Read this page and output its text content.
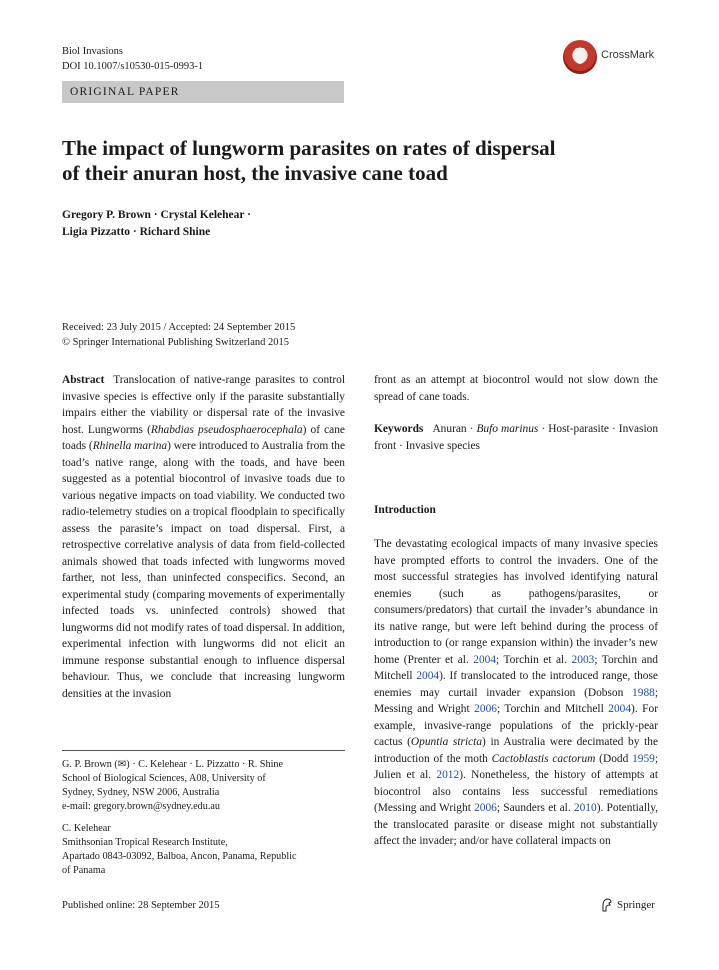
Biol Invasions
DOI 10.1007/s10530-015-0993-1
CrossMark
ORIGINAL PAPER
The impact of lungworm parasites on rates of dispersal
of their anuran host, the invasive cane toad
Gregory P. Brown · Crystal Kelehear ·
Ligia Pizzatto · Richard Shine
Received: 23 July 2015 / Accepted: 24 September 2015
© Springer International Publishing Switzerland 2015
Abstract Translocation of native-range parasites to control invasive species is effective only if the parasite substantially impairs either the viability or dispersal rate of the invasive host. Lungworms (Rhabdias pseudosphaerocephala) of cane toads (Rhinella marina) were introduced to Australia from the toad’s native range, along with the toads, and have been suggested as a potential biocontrol of invasive toads due to various negative impacts on toad viability. We conducted two radio-telemetry studies on a tropical floodplain to specifically assess the parasite’s impact on toad dispersal. First, a retrospective correlative analysis of data from field-collected animals showed that toads infected with lungworms moved farther, not less, than uninfected conspecifics. Second, an experimental study (comparing movements of experimentally infected toads vs. uninfected controls) showed that lungworms did not modify rates of toad dispersal. In addition, experimental infection with lungworms did not elicit an immune response substantial enough to influence dispersal behaviour. Thus, we conclude that increasing lungworm densities at the invasion
G. P. Brown (✉) · C. Kelehear · L. Pizzatto · R. Shine
School of Biological Sciences, A08, University of
Sydney, Sydney, NSW 2006, Australia
e-mail: gregory.brown@sydney.edu.au
C. Kelehear
Smithsonian Tropical Research Institute,
Apartado 0843-03092, Balboa, Ancon, Panama, Republic
of Panama
front as an attempt at biocontrol would not slow down the spread of cane toads.
Keywords Anuran · Bufo marinus · Host-parasite · Invasion front · Invasive species
Introduction
The devastating ecological impacts of many invasive species have prompted efforts to control the invaders. One of the most successful strategies has involved identifying natural enemies (such as pathogens/parasites, or consumers/predators) that curtail the invader’s abundance in its native range, but were left behind during the process of introduction to (or range expansion within) the invader’s new home (Prenter et al. 2004; Torchin et al. 2003; Torchin and Mitchell 2004). If translocated to the introduced range, those enemies may curtail invader expansion (Dobson 1988; Messing and Wright 2006; Torchin and Mitchell 2004). For example, invasive-range populations of the prickly-pear cactus (Opuntia stricta) in Australia were decimated by the introduction of the moth Cactoblastis cactorum (Dodd 1959; Julien et al. 2012). Nonetheless, the history of attempts at biocontrol also contains less successful remediations (Messing and Wright 2006; Saunders et al. 2010). Potentially, the translocated parasite or disease might not substantially affect the invader; and/or have collateral impacts on
Published online: 28 September 2015	Springer
